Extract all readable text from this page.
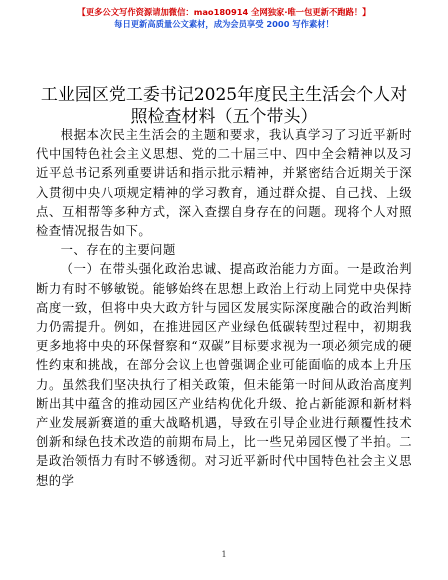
【更多公文写作资源请加微信：mao180914 全网独家·唯一包更新不跑路！】
每日更新高质量公文素材，成为会员享受 2000 写作素材！
工业园区党工委书记2025年度民主生活会个人对照检查材料（五个带头）

根据本次民主生活会的主题和要求，我认真学习了习近平新时代中国特色社会主义思想、党的二十届三中、四中全会精神以及习近平总书记系列重要讲话和指示批示精神，并紧密结合近期关于深入贯彻中央八项规定精神的学习教育，通过群众提、自己找、上级点、互相帮等多种方式，深入查摆自身存在的问题。现将个人对照检查情况报告如下。

一、存在的主要问题

（一）在带头强化政治忠诚、提高政治能力方面。一是政治判断力有时不够敏锐。能够始终在思想上政治上行动上同党中央保持高度一致，但将中央大政方针与园区发展实际深度融合的政治判断力仍需提升。例如，在推进园区产业绿色低碳转型过程中，初期我更多地将中央的环保督察和“双碳”目标要求视为一项必须完成的硬性约束和挑战，在部分会议上也曾强调企业可能面临的成本上升压力。虽然我们坚决执行了相关政策，但未能第一时间从政治高度判断出其中蕴含的推动园区产业结构优化升级、抢占新能源和新材料产业发展新赛道的重大战略机遇，导致在引导企业进行颠覆性技术创新和绿色技术改造的前期布局上，比一些兄弟园区慢了半拍。二是政治领悟力有时不够透彻。对习近平新时代中国特色社会主义思想的学

1
